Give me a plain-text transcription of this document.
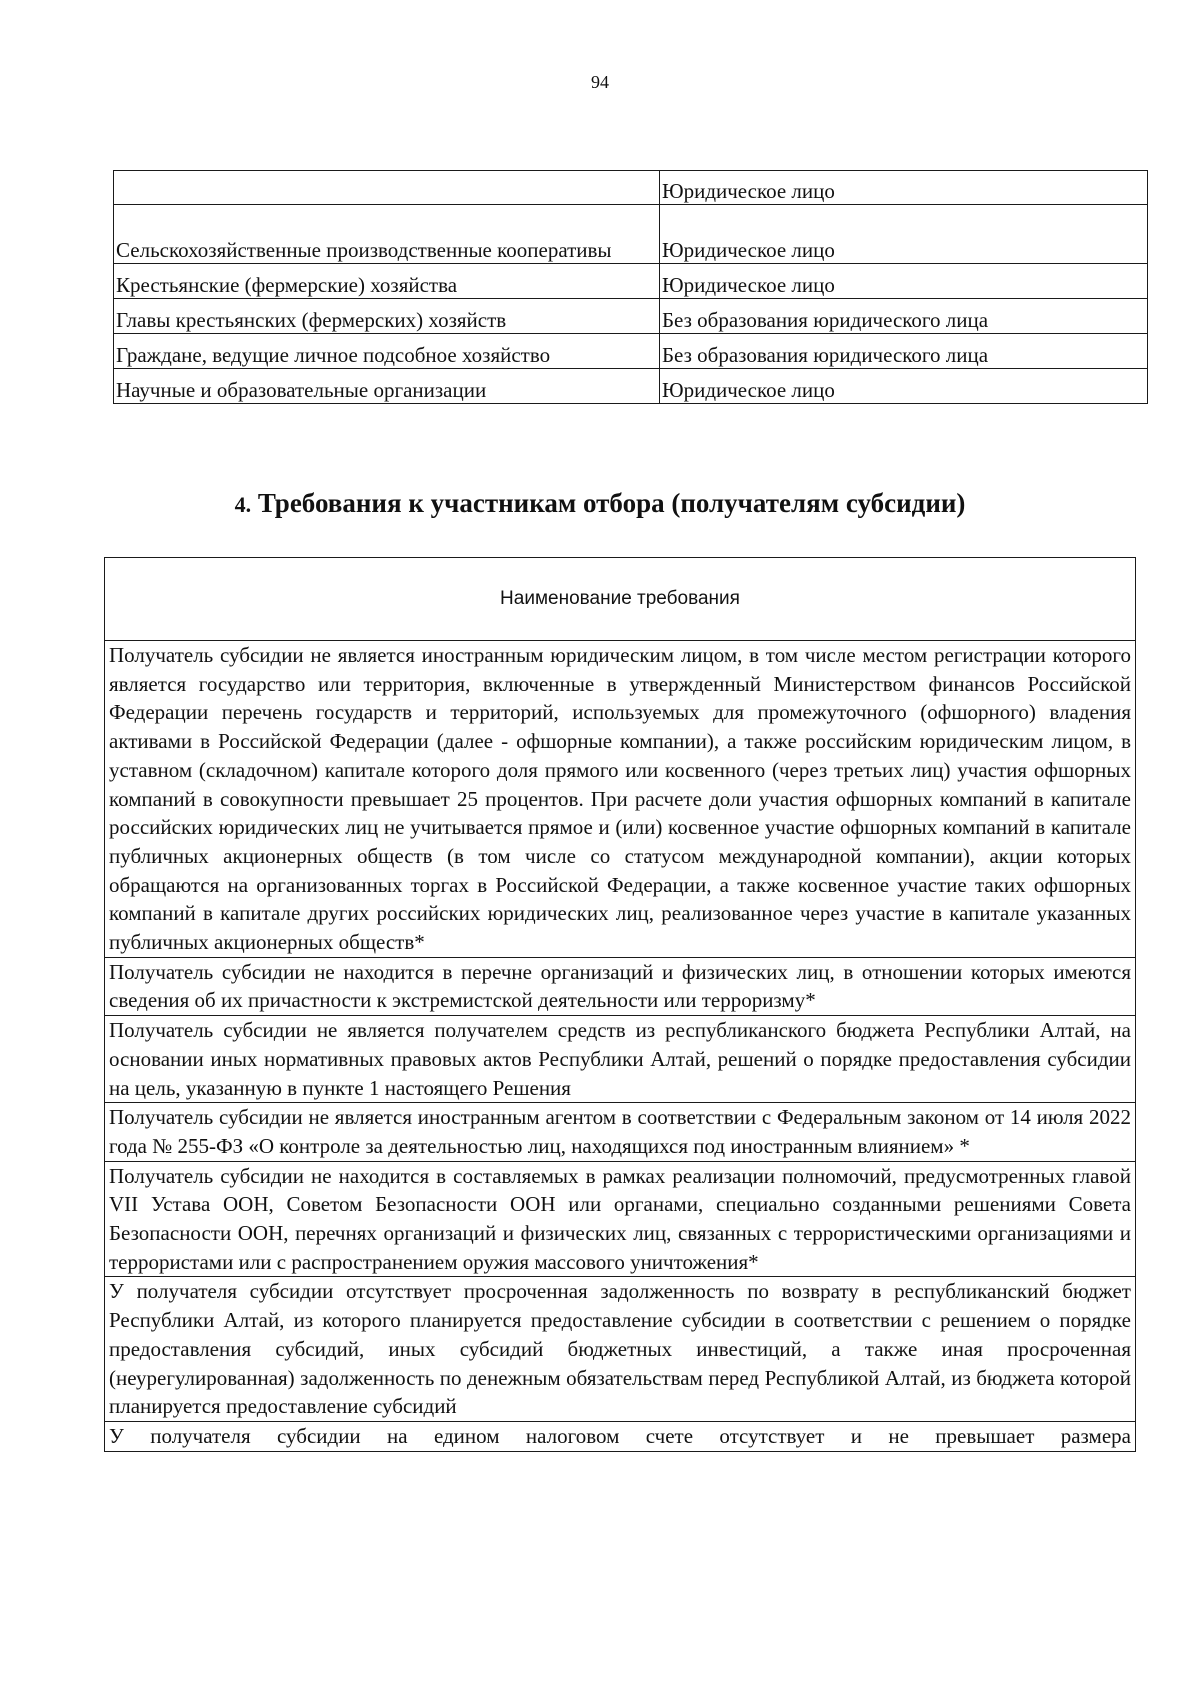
94
	Юридическое лицо
Сельскохозяйственные производственные кооперативы	Юридическое лицо
Крестьянские (фермерские) хозяйства	Юридическое лицо
Главы крестьянских (фермерских) хозяйств	Без образования юридического лица
Граждане, ведущие личное подсобное хозяйство	Без образования юридического лица
Научные и образовательные организации	Юридическое лицо
4. Требования к участникам отбора (получателям субсидии)
Наименование требования
Получатель субсидии не является иностранным юридическим лицом, в том числе местом регистрации которого является государство или территория, включенные в утвержденный Министерством финансов Российской Федерации перечень государств и территорий, используемых для промежуточного (офшорного) владения активами в Российской Федерации (далее - офшорные компании), а также российским юридическим лицом, в уставном (складочном) капитале которого доля прямого или косвенного (через третьих лиц) участия офшорных компаний в совокупности превышает 25 процентов. При расчете доли участия офшорных компаний в капитале российских юридических лиц не учитывается прямое и (или) косвенное участие офшорных компаний в капитале публичных акционерных обществ (в том числе со статусом международной компании), акции которых обращаются на организованных торгах в Российской Федерации, а также косвенное участие таких офшорных компаний в капитале других российских юридических лиц, реализованное через участие в капитале указанных публичных акционерных обществ*
Получатель субсидии не находится в перечне организаций и физических лиц, в отношении которых имеются сведения об их причастности к экстремистской деятельности или терроризму*
Получатель субсидии не является получателем средств из республиканского бюджета Республики Алтай, на основании иных нормативных правовых актов Республики Алтай, решений о порядке предоставления субсидии на цель, указанную в пункте 1 настоящего Решения
Получатель субсидии не является иностранным агентом в соответствии с Федеральным законом от 14 июля 2022 года № 255-ФЗ «О контроле за деятельностью лиц, находящихся под иностранным влиянием» *
Получатель субсидии не находится в составляемых в рамках реализации полномочий, предусмотренных главой VII Устава ООН, Советом Безопасности ООН или органами, специально созданными решениями Совета Безопасности ООН, перечнях организаций и физических лиц, связанных с террористическими организациями и террористами или с распространением оружия массового уничтожения*
У получателя субсидии отсутствует просроченная задолженность по возврату в республиканский бюджет Республики Алтай, из которого планируется предоставление субсидии в соответствии с решением о порядке предоставления субсидий, иных субсидий бюджетных инвестиций, а также иная просроченная (неурегулированная) задолженность по денежным обязательствам перед Республикой Алтай, из бюджета которой планируется предоставление субсидий
У получателя субсидии на едином налоговом счете отсутствует и не превышает размера
